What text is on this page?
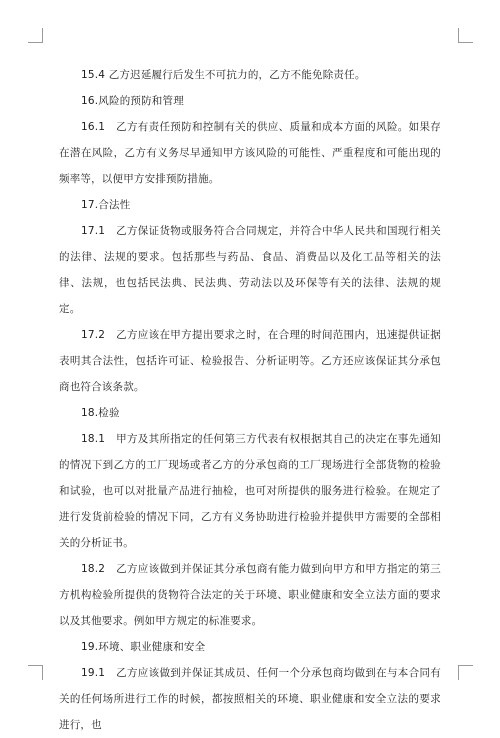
15.4 乙方迟延履行后发生不可抗力的，乙方不能免除责任。

16.风险的预防和管理

16.1　乙方有责任预防和控制有关的供应、质量和成本方面的风险。如果存在潜在风险，乙方有义务尽早通知甲方该风险的可能性、严重程度和可能出现的频率等，以便甲方安排预防措施。

17.合法性

17.1　乙方保证货物或服务符合合同规定，并符合中华人民共和国现行相关的法律、法规的要求。包括那些与药品、食品、消费品以及化工品等相关的法律、法规，也包括民法典、民法典、劳动法以及环保等有关的法律、法规的规定。

17.2　乙方应该在甲方提出要求之时，在合理的时间范围内，迅速提供证据表明其合法性，包括许可证、检验报告、分析证明等。乙方还应该保证其分承包商也符合该条款。

18.检验

18.1　甲方及其所指定的任何第三方代表有权根据其自己的决定在事先通知的情况下到乙方的工厂现场或者乙方的分承包商的工厂现场进行全部货物的检验和试验，也可以对批量产品进行抽检，也可对所提供的服务进行检验。在规定了进行发货前检验的情况下同，乙方有义务协助进行检验并提供甲方需要的全部相关的分析证书。

18.2　乙方应该做到并保证其分承包商有能力做到向甲方和甲方指定的第三方机构检验所提供的货物符合法定的关于环境、职业健康和安全立法方面的要求以及其他要求。例如甲方规定的标准要求。

19.环境、职业健康和安全

19.1　乙方应该做到并保证其成员、任何一个分承包商均做到在与本合同有关的任何场所进行工作的时候，都按照相关的环境、职业健康和安全立法的要求进行，也
